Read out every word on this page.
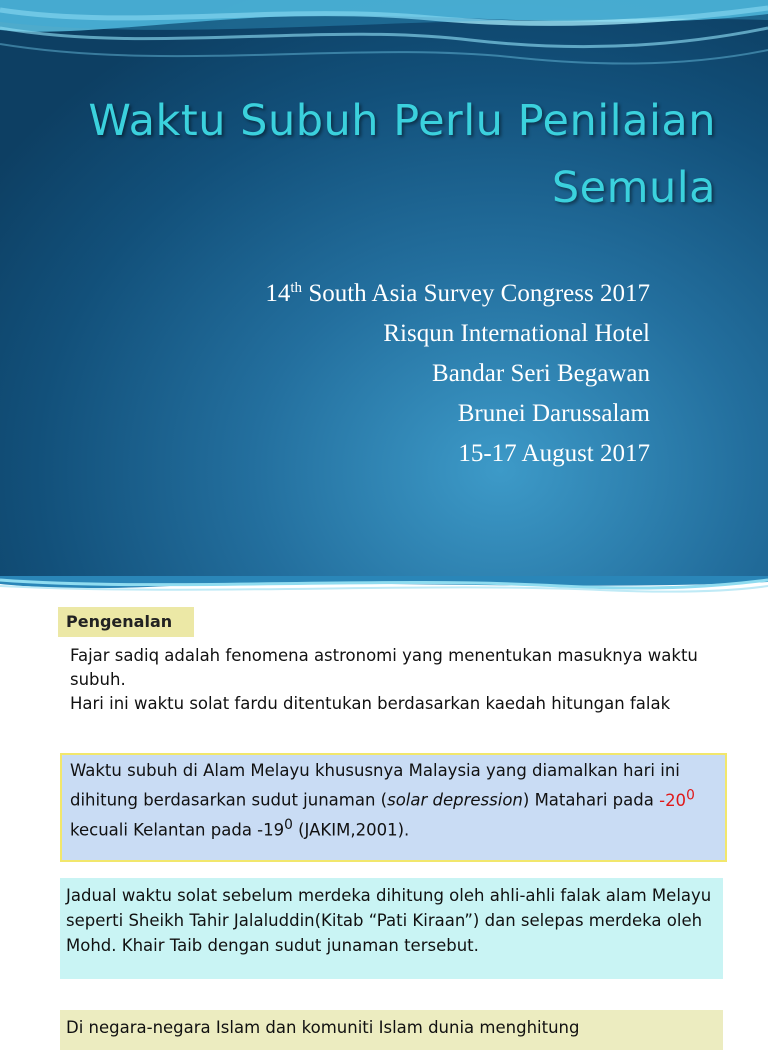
Waktu Subuh Perlu Penilaian
Semula
14th South Asia Survey Congress 2017
Risqun International Hotel
Bandar Seri Begawan
Brunei Darussalam
15-17 August 2017
Pengenalan
Fajar sadiq adalah fenomena astronomi yang menentukan masuknya waktu subuh.
Hari ini waktu solat fardu ditentukan berdasarkan kaedah hitungan falak
Waktu subuh di Alam Melayu khususnya Malaysia yang diamalkan hari ini dihitung berdasarkan sudut junaman (solar depression) Matahari pada $-20^0$ kecuali Kelantan pada $-19^0$ (JAKIM,2001).
Jadual waktu solat sebelum merdeka dihitung oleh ahli-ahli falak alam Melayu seperti Sheikh Tahir Jalaluddin(Kitab “Pati Kiraan”) dan selepas merdeka oleh Mohd. Khair Taib dengan sudut junaman tersebut.
Di negara-negara Islam dan komuniti Islam dunia menghitung
